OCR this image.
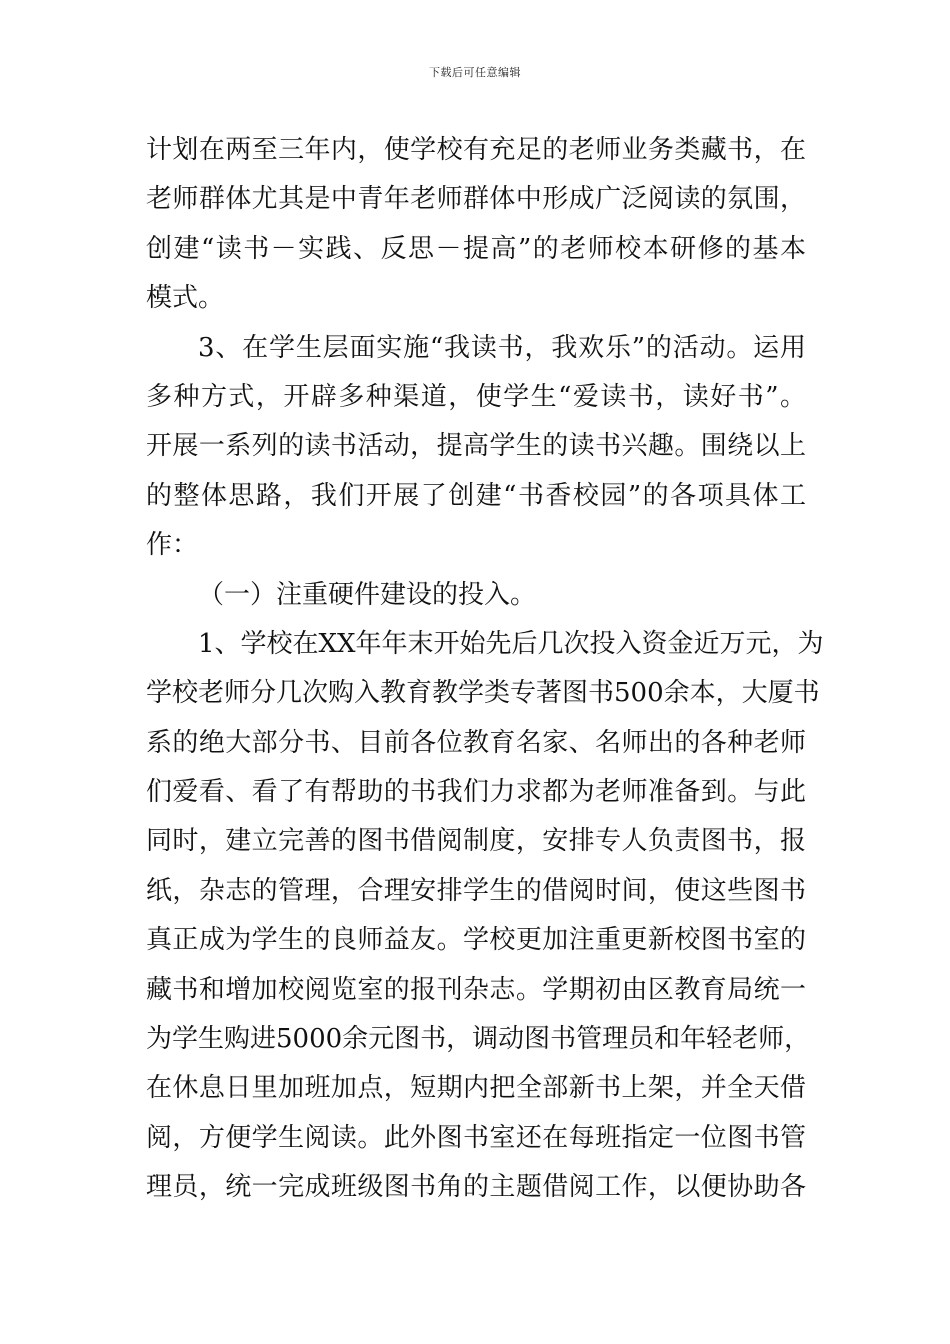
下载后可任意编辑
计划在两至三年内，使学校有充足的老师业务类藏书，在
老师群体尤其是中青年老师群体中形成广泛阅读的氛围，
创建“读书－实践、反思－提高”的老师校本研修的基本
模式。
3、在学生层面实施“我读书，我欢乐”的活动。运用
多种方式，开辟多种渠道，使学生“爱读书，读好书”。
开展一系列的读书活动，提高学生的读书兴趣。围绕以上
的整体思路，我们开展了创建“书香校园”的各项具体工
作：
（一）注重硬件建设的投入。
1、学校在XX年年末开始先后几次投入资金近万元，为
学校老师分几次购入教育教学类专著图书500余本，大厦书
系的绝大部分书、目前各位教育名家、名师出的各种老师
们爱看、看了有帮助的书我们力求都为老师准备到。与此
同时，建立完善的图书借阅制度，安排专人负责图书，报
纸，杂志的管理，合理安排学生的借阅时间，使这些图书
真正成为学生的良师益友。学校更加注重更新校图书室的
藏书和增加校阅览室的报刊杂志。学期初由区教育局统一
为学生购进5000余元图书，调动图书管理员和年轻老师，
在休息日里加班加点，短期内把全部新书上架，并全天借
阅，方便学生阅读。此外图书室还在每班指定一位图书管
理员，统一完成班级图书角的主题借阅工作，以便协助各
